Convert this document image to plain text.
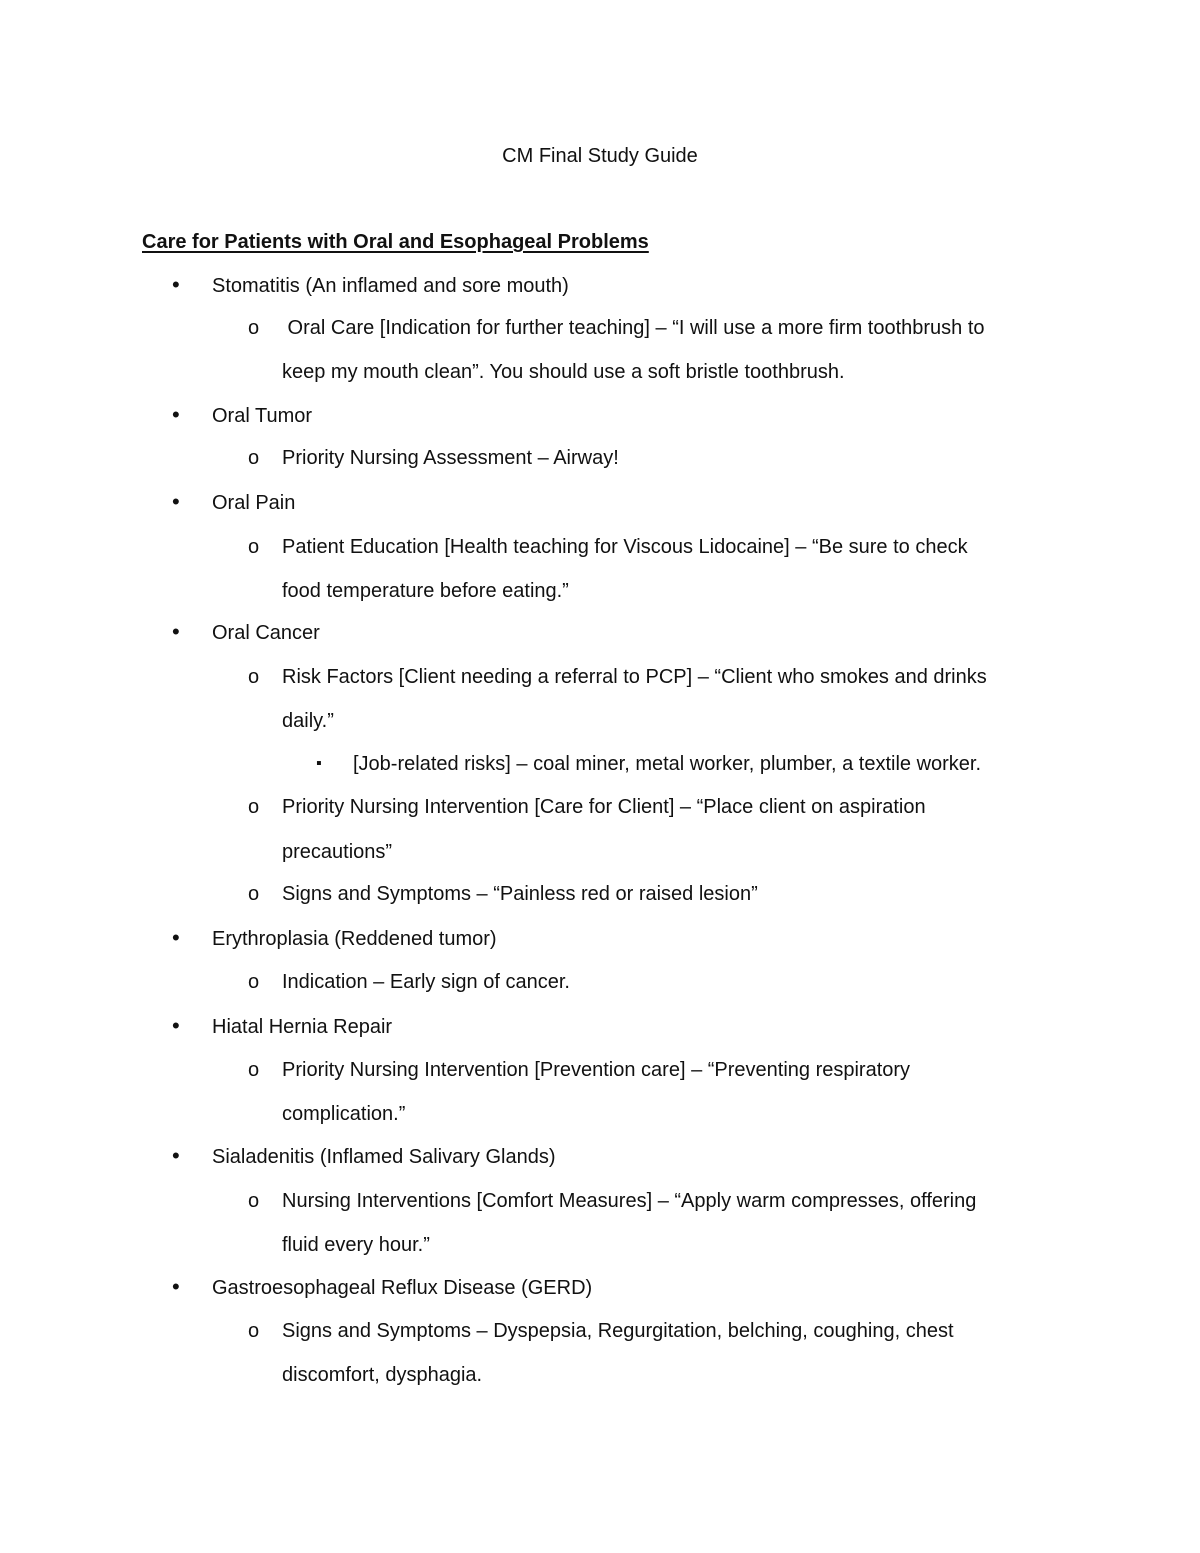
CM Final Study Guide
Care for Patients with Oral and Esophageal Problems
• Stomatitis (An inflamed and sore mouth)
o Oral Care [Indication for further teaching] – “I will use a more firm toothbrush to
keep my mouth clean”. You should use a soft bristle toothbrush.
• Oral Tumor
o Priority Nursing Assessment – Airway!
• Oral Pain
o Patient Education [Health teaching for Viscous Lidocaine] – “Be sure to check
food temperature before eating.”
• Oral Cancer
o Risk Factors [Client needing a referral to PCP] – “Client who smokes and drinks
daily.”
▪ [Job-related risks] – coal miner, metal worker, plumber, a textile worker.
o Priority Nursing Intervention [Care for Client] – “Place client on aspiration
precautions”
o Signs and Symptoms – “Painless red or raised lesion”
• Erythroplasia (Reddened tumor)
o Indication – Early sign of cancer.
• Hiatal Hernia Repair
o Priority Nursing Intervention [Prevention care] – “Preventing respiratory
complication.”
• Sialadenitis (Inflamed Salivary Glands)
o Nursing Interventions [Comfort Measures] – “Apply warm compresses, offering
fluid every hour.”
• Gastroesophageal Reflux Disease (GERD)
o Signs and Symptoms – Dyspepsia, Regurgitation, belching, coughing, chest
discomfort, dysphagia.
